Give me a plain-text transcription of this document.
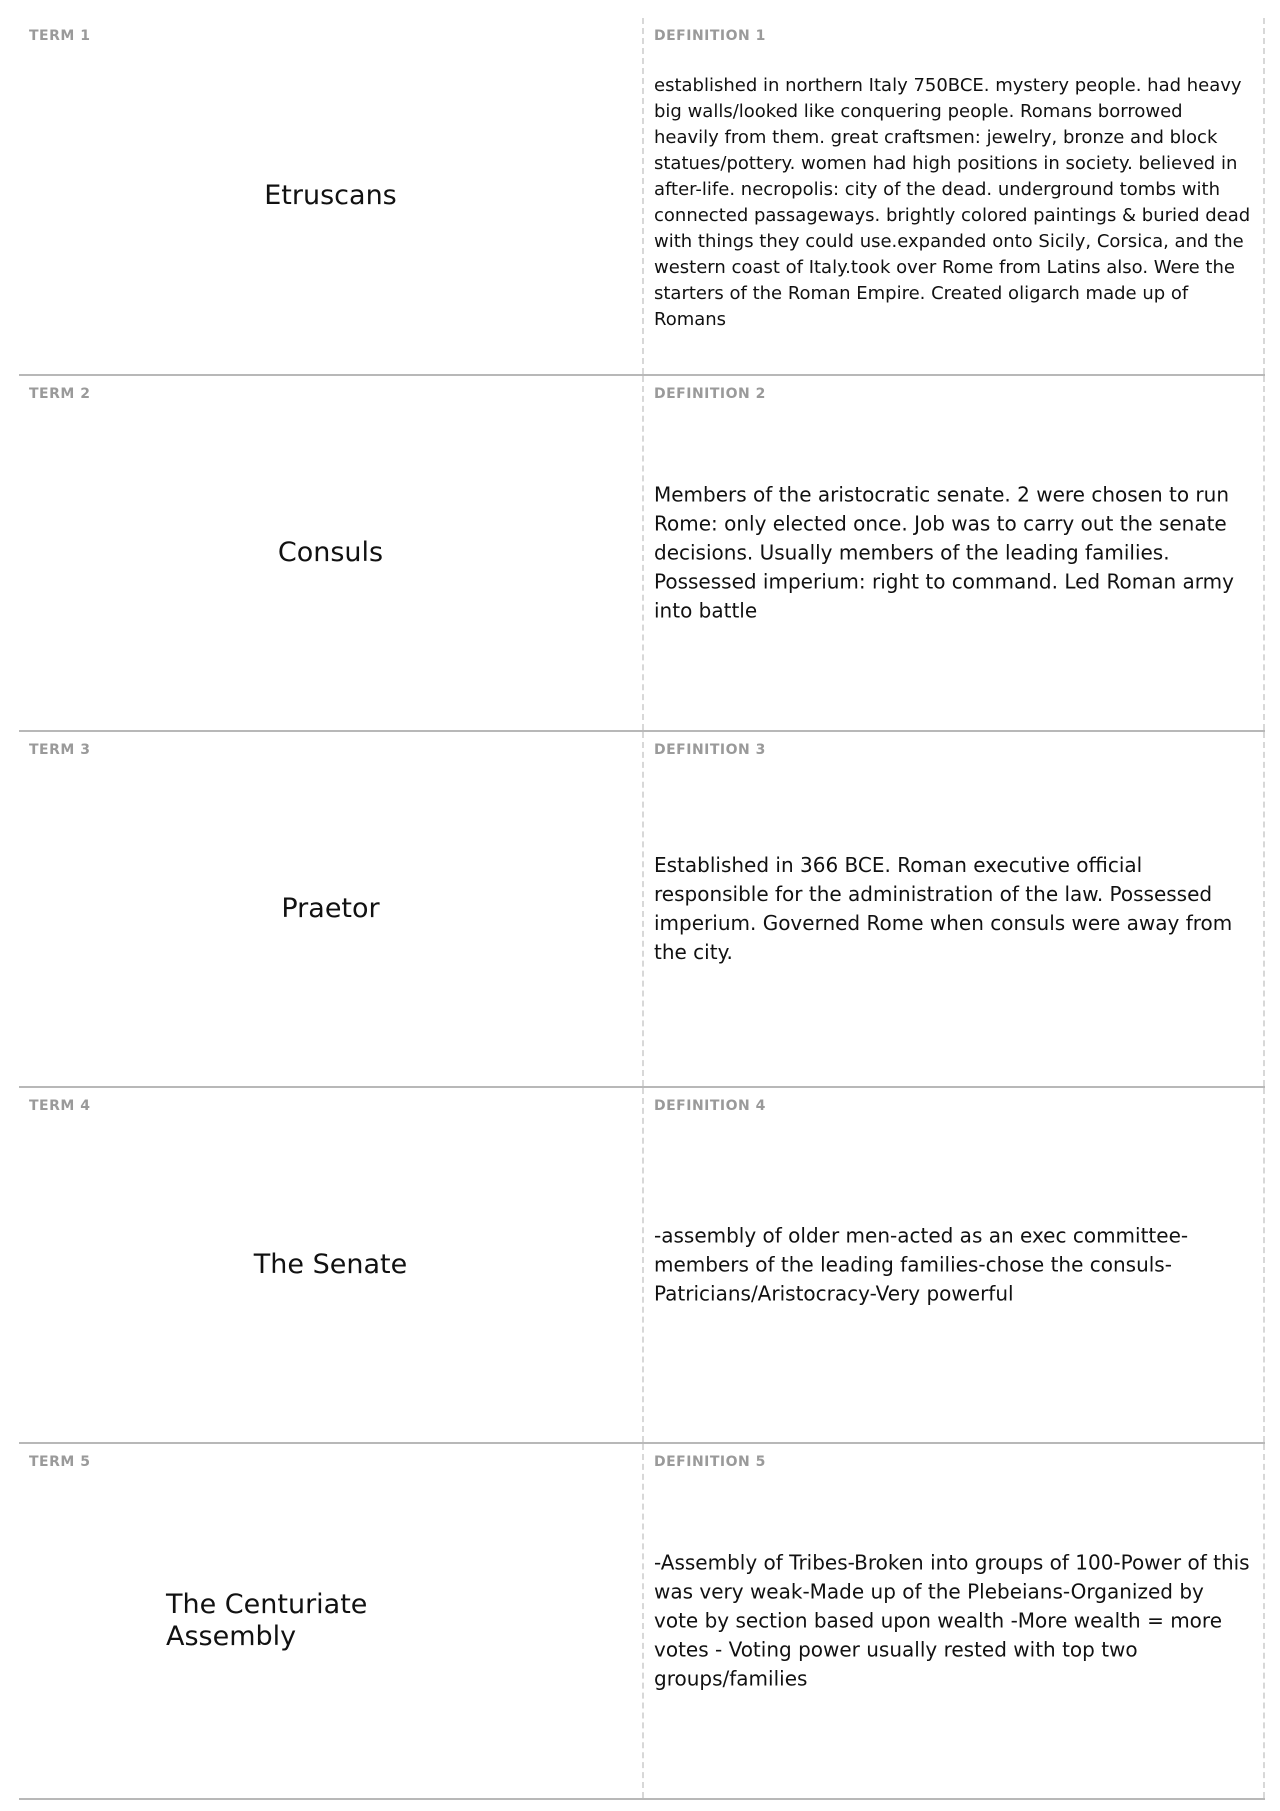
TERM 1
Etruscans
DEFINITION 1
established in northern Italy 750BCE. mystery people. had heavy big walls/looked like conquering people. Romans borrowed heavily from them. great craftsmen: jewelry, bronze and block statues/pottery. women had high positions in society. believed in after-life. necropolis: city of the dead. underground tombs with connected passageways. brightly colored paintings & buried dead with things they could use.expanded onto Sicily, Corsica, and the western coast of Italy.took over Rome from Latins also. Were the starters of the Roman Empire. Created oligarch made up of Romans
TERM 2
Consuls
DEFINITION 2
Members of the aristocratic senate. 2 were chosen to run Rome: only elected once. Job was to carry out the senate decisions. Usually members of the leading families. Possessed imperium: right to command. Led Roman army into battle
TERM 3
Praetor
DEFINITION 3
Established in 366 BCE. Roman executive official responsible for the administration of the law. Possessed imperium. Governed Rome when consuls were away from the city.
TERM 4
The Senate
DEFINITION 4
-assembly of older men-acted as an exec committee-members of the leading families-chose the consuls-Patricians/Aristocracy-Very powerful
TERM 5
The Centuriate Assembly
DEFINITION 5
-Assembly of Tribes-Broken into groups of 100-Power of this was very weak-Made up of the Plebeians-Organized by vote by section based upon wealth -More wealth = more votes - Voting power usually rested with top two groups/families
